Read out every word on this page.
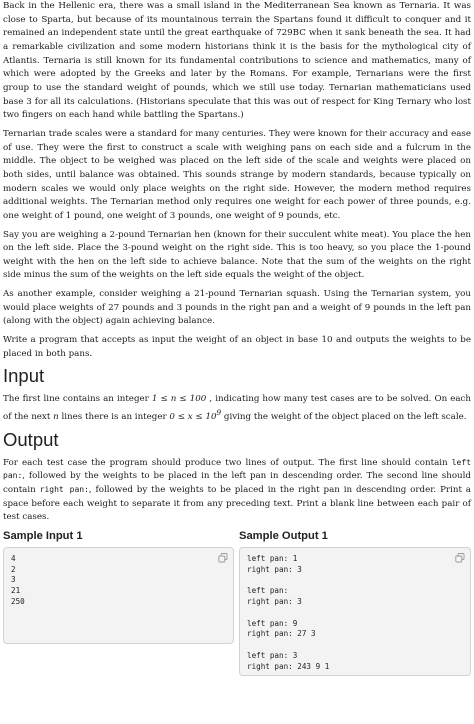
Back in the Hellenic era, there was a small island in the Mediterranean Sea known as Ternaria. It was close to Sparta, but because of its mountainous terrain the Spartans found it difficult to conquer and it remained an independent state until the great earthquake of 729BC when it sank beneath the sea. It had a remarkable civilization and some modern historians think it is the basis for the mythological city of Atlantis. Ternaria is still known for its fundamental contributions to science and mathematics, many of which were adopted by the Greeks and later by the Romans. For example, Ternarians were the first group to use the standard weight of pounds, which we still use today. Ternarian mathematicians used base 3 for all its calculations. (Historians speculate that this was out of respect for King Ternary who lost two fingers on each hand while battling the Spartans.)

Ternarian trade scales were a standard for many centuries. They were known for their accuracy and ease of use. They were the first to construct a scale with weighing pans on each side and a fulcrum in the middle. The object to be weighed was placed on the left side of the scale and weights were placed on both sides, until balance was obtained. This sounds strange by modern standards, because typically on modern scales we would only place weights on the right side. However, the modern method requires additional weights. The Ternarian method only requires one weight for each power of three pounds, e.g. one weight of 1 pound, one weight of 3 pounds, one weight of 9 pounds, etc.

Say you are weighing a 2-pound Ternarian hen (known for their succulent white meat). You place the hen on the left side. Place the 3-pound weight on the right side. This is too heavy, so you place the 1-pound weight with the hen on the left side to achieve balance. Note that the sum of the weights on the right side minus the sum of the weights on the left side equals the weight of the object.

As another example, consider weighing a 21-pound Ternarian squash. Using the Ternarian system, you would place weights of 27 pounds and 3 pounds in the right pan and a weight of 9 pounds in the left pan (along with the object) again achieving balance.

Write a program that accepts as input the weight of an object in base 10 and outputs the weights to be placed in both pans.

Input

The first line contains an integer 1 ≤ n ≤ 100 , indicating how many test cases are to be solved. On each of the next n lines there is an integer $0 \le x \le 10^9$ giving the weight of the object placed on the left scale.

Output

For each test case the program should produce two lines of output. The first line should contain left pan:, followed by the weights to be placed in the left pan in descending order. The second line should contain right pan:, followed by the weights to be placed in the right pan in descending order. Print a space before each weight to separate it from any preceding text. Print a blank line between each pair of test cases.

Sample Input 1
4
2
3
21
250
Sample Output 1
left pan: 1
right pan: 3

left pan:
right pan: 3

left pan: 9
right pan: 27 3

left pan: 3
right pan: 243 9 1
